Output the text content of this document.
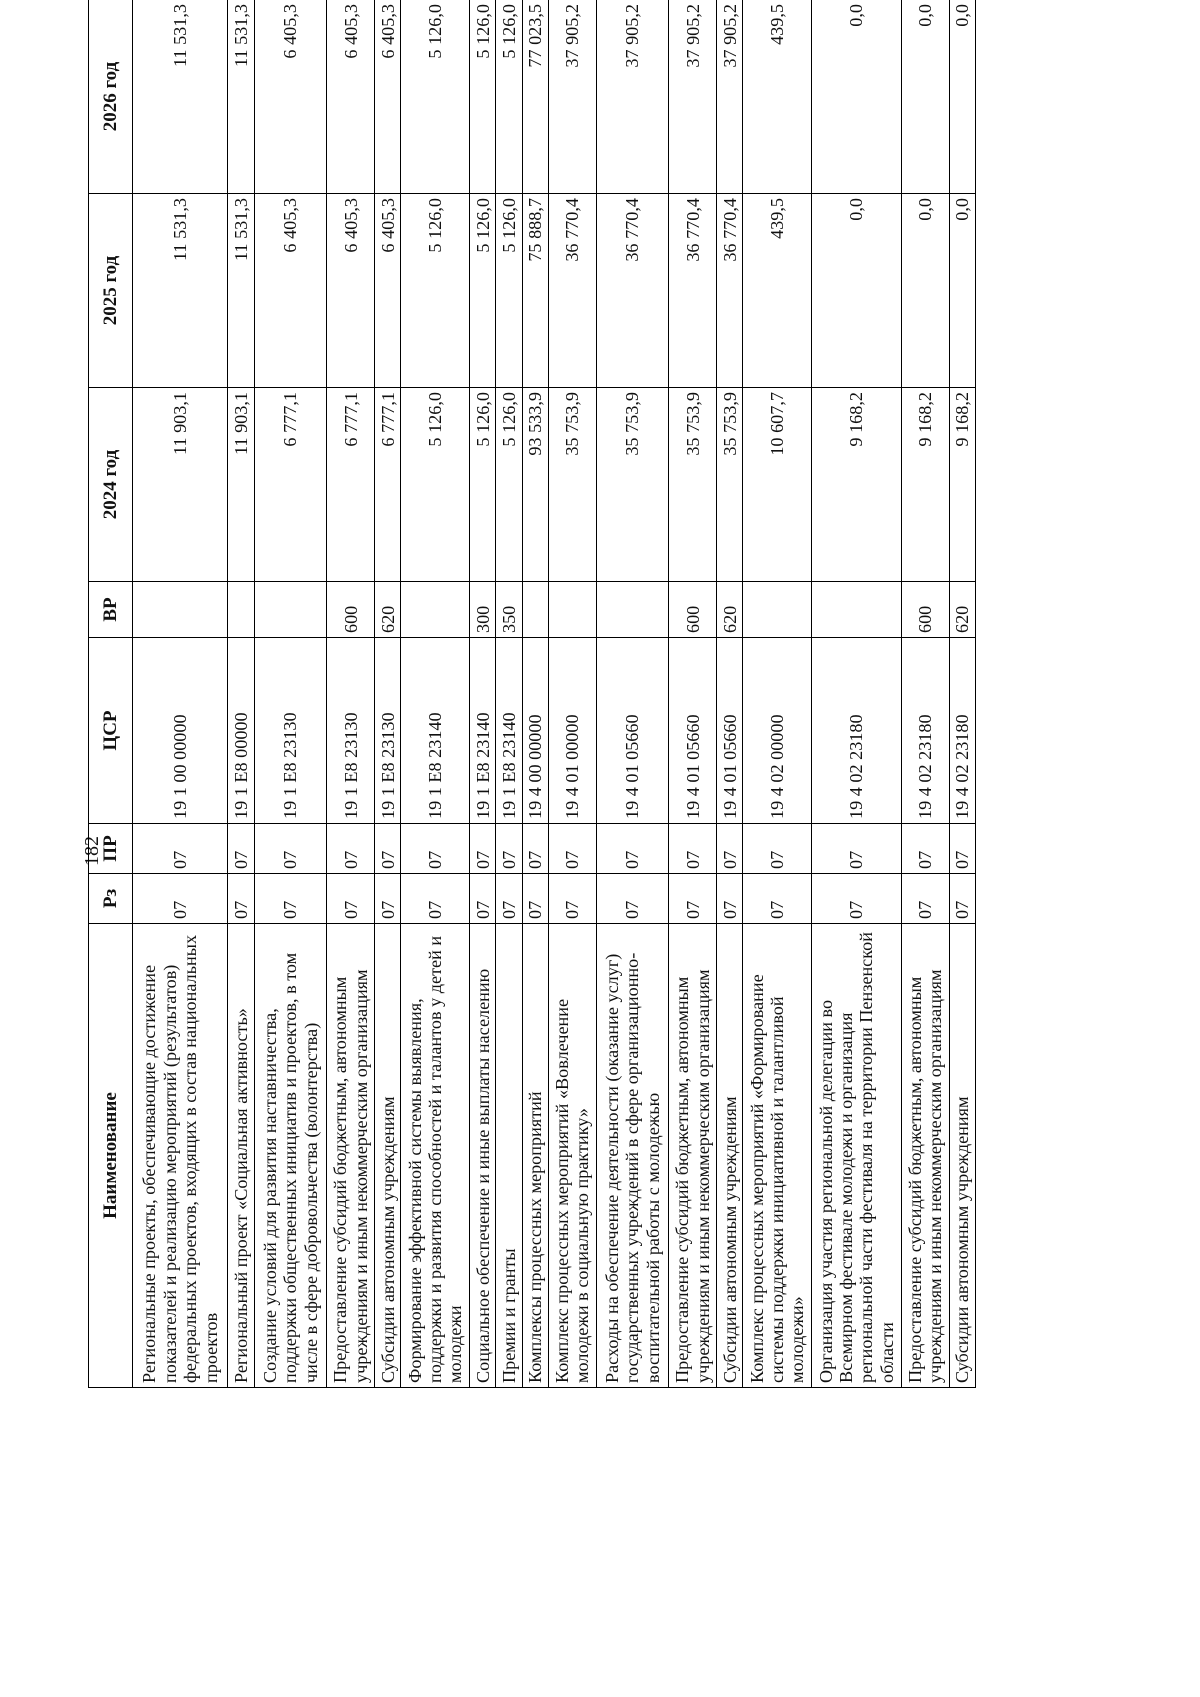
182
Наименование	Рз	ПР	ЦСР	ВР	2024 год	2025 год	2026 год
Региональные проекты, обеспечивающие достижение показателей и реализацию мероприятий (результатов) федеральных проектов, входящих в состав национальных проектов	07	07	19 1 00 00000		11 903,1	11 531,3	11 531,3
Региональный проект «Социальная активность»	07	07	19 1 E8 00000		11 903,1	11 531,3	11 531,3
Создание условий для развития наставничества, поддержки общественных инициатив и проектов, в том числе в сфере добровольчества (волонтерства)	07	07	19 1 E8 23130		6 777,1	6 405,3	6 405,3
Предоставление субсидий бюджетным, автономным учреждениям и иным некоммерческим организациям	07	07	19 1 E8 23130	600	6 777,1	6 405,3	6 405,3
Субсидии автономным учреждениям	07	07	19 1 E8 23130	620	6 777,1	6 405,3	6 405,3
Формирование эффективной системы выявления, поддержки и развития способностей и талантов у детей и молодежи	07	07	19 1 E8 23140		5 126,0	5 126,0	5 126,0
Социальное обеспечение и иные выплаты населению	07	07	19 1 E8 23140	300	5 126,0	5 126,0	5 126,0
Премии и гранты	07	07	19 1 E8 23140	350	5 126,0	5 126,0	5 126,0
Комплексы процессных мероприятий	07	07	19 4 00 00000		93 533,9	75 888,7	77 023,5
Комплекс процессных мероприятий «Вовлечение молодежи в социальную практику»	07	07	19 4 01 00000		35 753,9	36 770,4	37 905,2
Расходы на обеспечение деятельности (оказание услуг) государственных учреждений в сфере организационно-воспитательной работы с молодежью	07	07	19 4 01 05660		35 753,9	36 770,4	37 905,2
Предоставление субсидий бюджетным, автономным учреждениям и иным некоммерческим организациям	07	07	19 4 01 05660	600	35 753,9	36 770,4	37 905,2
Субсидии автономным учреждениям	07	07	19 4 01 05660	620	35 753,9	36 770,4	37 905,2
Комплекс процессных мероприятий «Формирование системы поддержки инициативной и талантливой молодежи»	07	07	19 4 02 00000		10 607,7	439,5	439,5
Организация участия региональной делегации во Всемирном фестивале молодежи и организация региональной части фестиваля на территории Пензенской области	07	07	19 4 02 23180		9 168,2	0,0	0,0
Предоставление субсидий бюджетным, автономным учреждениям и иным некоммерческим организациям	07	07	19 4 02 23180	600	9 168,2	0,0	0,0
Субсидии автономным учреждениям	07	07	19 4 02 23180	620	9 168,2	0,0	0,0
